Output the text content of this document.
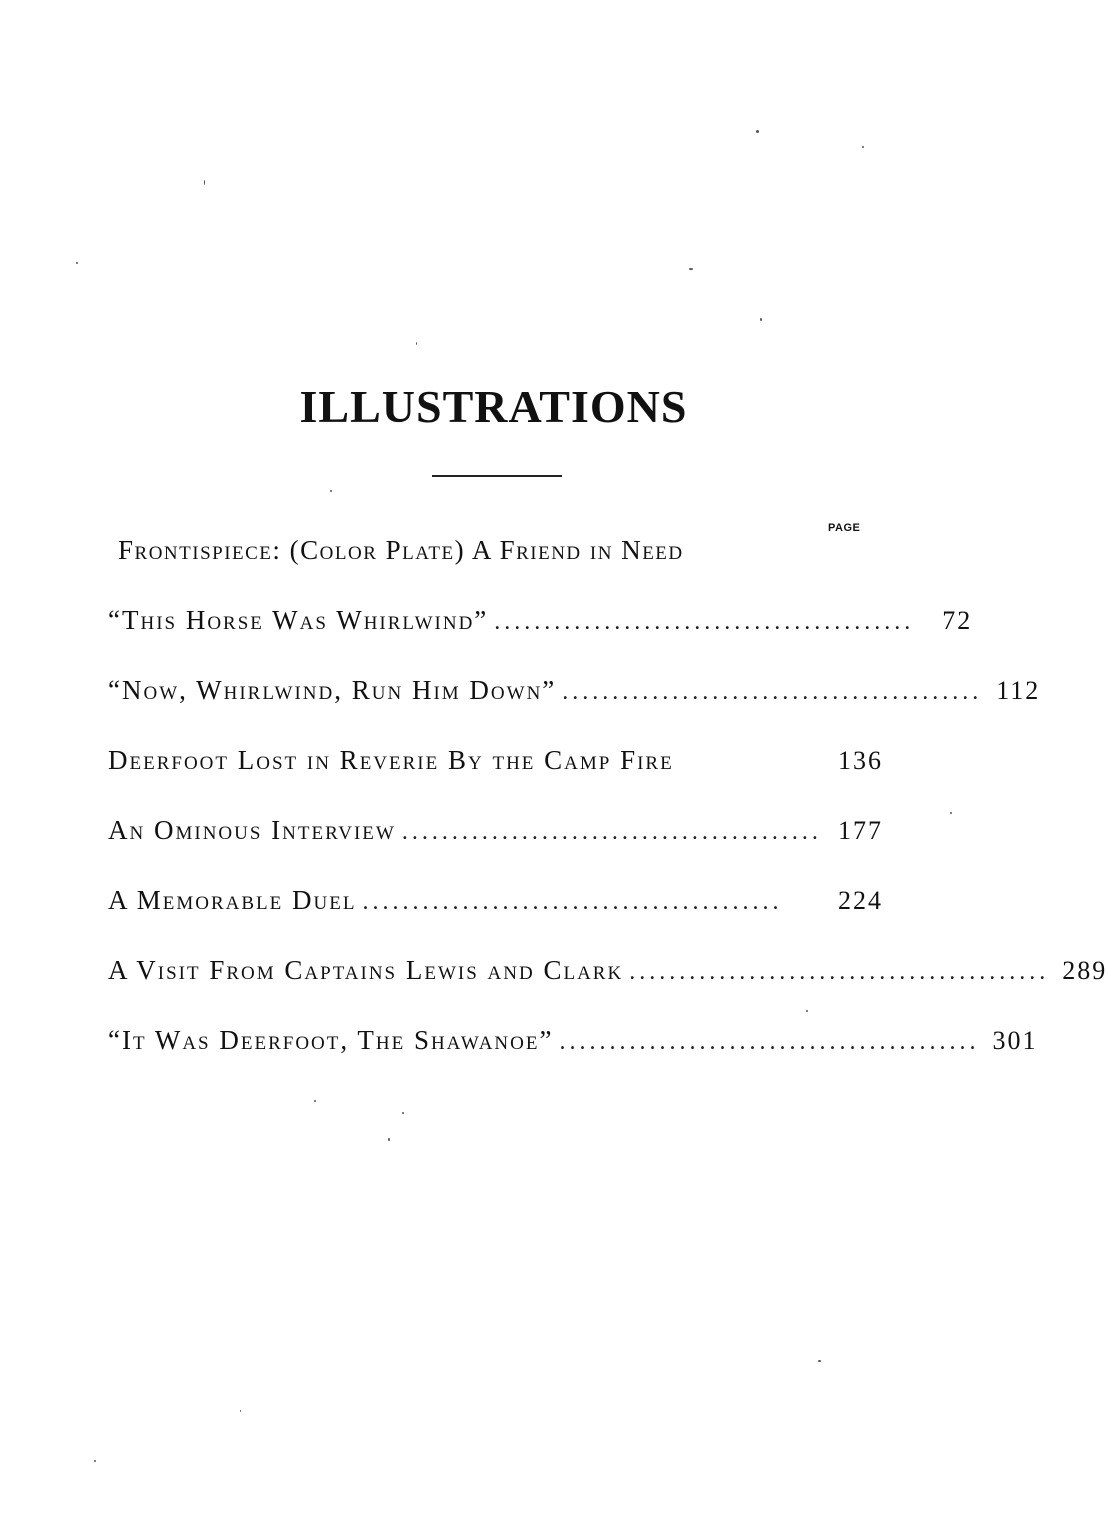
ILLUSTRATIONS
PAGE
Frontispiece: (Color Plate) A Friend in Need
“This Horse Was Whirlwind” ..........................................	72
“Now, Whirlwind, Run Him Down” .......................................... 112
Deerfoot Lost in Reverie By the Camp Fire	136
An Ominous Interview .......................................... 177
A Memorable Duel ..........................................	224
A Visit From Captains Lewis and Clark .......................................... 289
“It Was Deerfoot, The Shawanoe” .......................................... 301
